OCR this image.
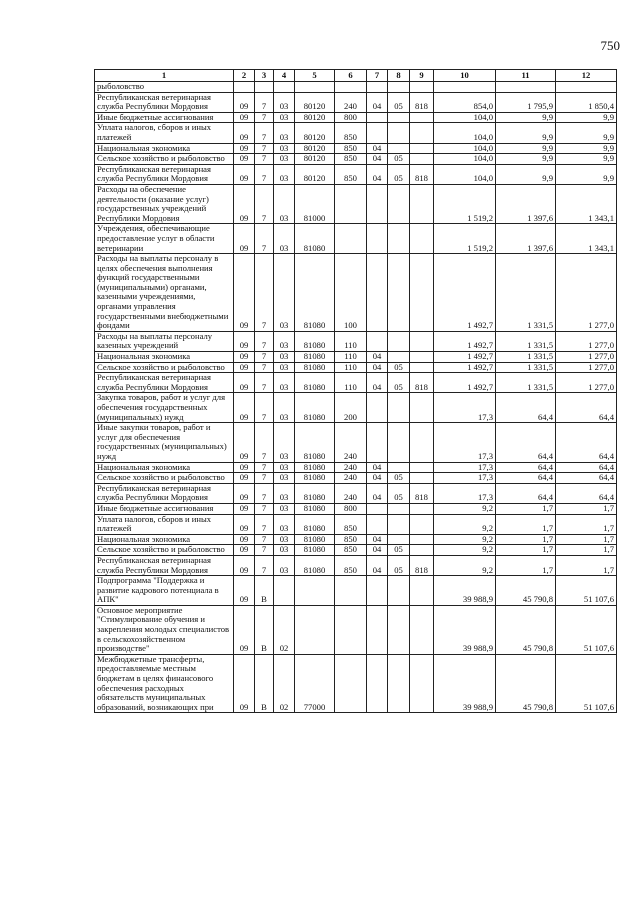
750
1	2	3	4	5	6	7	8	9	10	11	12
рыболовство											
Республиканская ветеринарная служба Республики Мордовия	09	7	03	80120	240	04	05	818	854,0	1 795,9	1 850,4
Иные бюджетные ассигнования	09	7	03	80120	800				104,0	9,9	9,9
Уплата налогов, сборов и иных платежей	09	7	03	80120	850				104,0	9,9	9,9
Национальная экономика	09	7	03	80120	850	04			104,0	9,9	9,9
Сельское хозяйство и рыболовство	09	7	03	80120	850	04	05		104,0	9,9	9,9
Республиканская ветеринарная служба Республики Мордовия	09	7	03	80120	850	04	05	818	104,0	9,9	9,9
Расходы на обеспечение деятельности (оказание услуг) государственных учреждений Республики Мордовия	09	7	03	81000					1 519,2	1 397,6	1 343,1
Учреждения, обеспечивающие предоставление услуг в области ветеринарии	09	7	03	81080					1 519,2	1 397,6	1 343,1
Расходы на выплаты персоналу в целях обеспечения выполнения функций государственными (муниципальными) органами, казенными учреждениями, органами управления государственными внебюджетными фондами	09	7	03	81080	100				1 492,7	1 331,5	1 277,0
Расходы на выплаты персоналу казенных учреждений	09	7	03	81080	110				1 492,7	1 331,5	1 277,0
Национальная экономика	09	7	03	81080	110	04			1 492,7	1 331,5	1 277,0
Сельское хозяйство и рыболовство	09	7	03	81080	110	04	05		1 492,7	1 331,5	1 277,0
Республиканская ветеринарная служба Республики Мордовия	09	7	03	81080	110	04	05	818	1 492,7	1 331,5	1 277,0
Закупка товаров, работ и услуг для обеспечения государственных (муниципальных) нужд	09	7	03	81080	200				17,3	64,4	64,4
Иные закупки товаров, работ и услуг для обеспечения государственных (муниципальных) нужд	09	7	03	81080	240				17,3	64,4	64,4
Национальная экономика	09	7	03	81080	240	04			17,3	64,4	64,4
Сельское хозяйство и рыболовство	09	7	03	81080	240	04	05		17,3	64,4	64,4
Республиканская ветеринарная служба Республики Мордовия	09	7	03	81080	240	04	05	818	17,3	64,4	64,4
Иные бюджетные ассигнования	09	7	03	81080	800				9,2	1,7	1,7
Уплата налогов, сборов и иных платежей	09	7	03	81080	850				9,2	1,7	1,7
Национальная экономика	09	7	03	81080	850	04			9,2	1,7	1,7
Сельское хозяйство и рыболовство	09	7	03	81080	850	04	05		9,2	1,7	1,7
Республиканская ветеринарная служба Республики Мордовия	09	7	03	81080	850	04	05	818	9,2	1,7	1,7
Подпрограмма "Поддержка и развитие кадрового потенциала в АПК"	09	В							39 988,9	45 790,8	51 107,6
Основное мероприятие "Стимулирование обучения и закрепления молодых специалистов в сельскохозяйственном производстве"	09	В	02						39 988,9	45 790,8	51 107,6
Межбюджетные трансферты, предоставляемые местным бюджетам в целях финансового обеспечения расходных обязательств муниципальных образований, возникающих при	09	В	02	77000					39 988,9	45 790,8	51 107,6
